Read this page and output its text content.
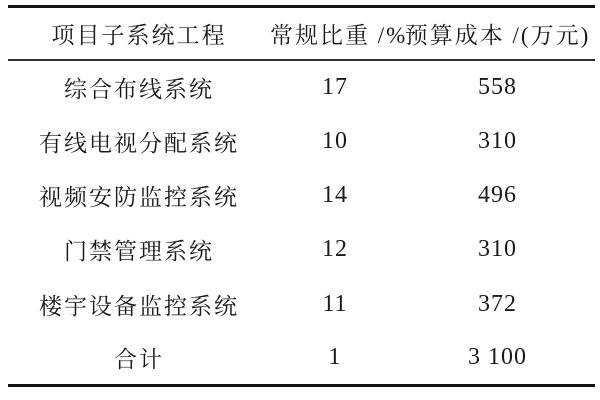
项目子系统工程	常规比重 /%	预算成本 /(万元)
综合布线系统	17	558
有线电视分配系统	10	310
视频安防监控系统	14	496
门禁管理系统	12	310
楼宇设备监控系统	11	372
合计	1	3 100
